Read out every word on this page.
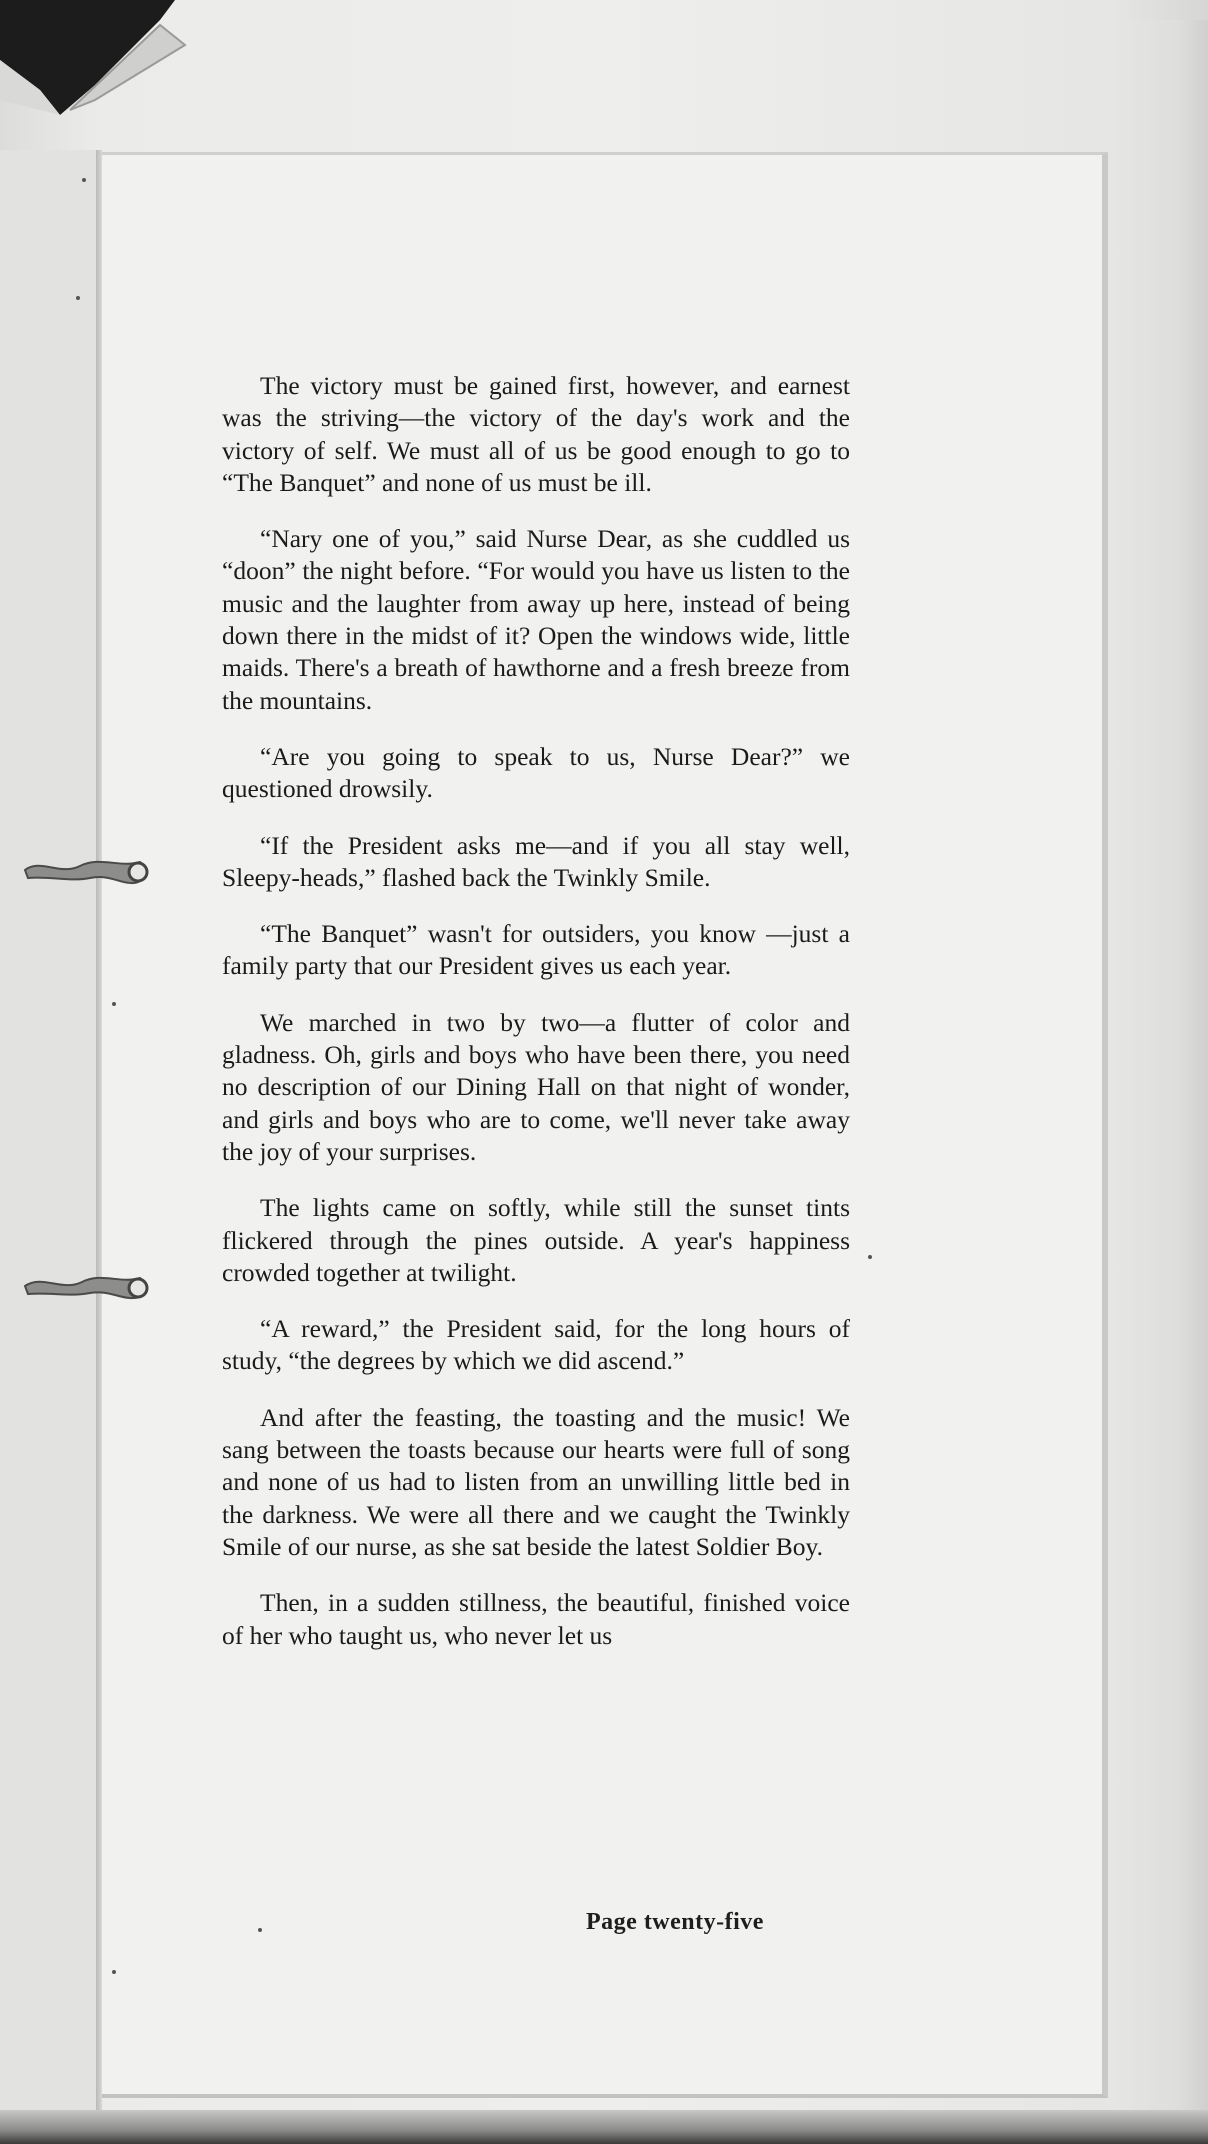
The victory must be gained first, however, and earnest was the striving—the victory of the day's work and the victory of self. We must all of us be good enough to go to “The Banquet” and none of us must be ill.

“Nary one of you,” said Nurse Dear, as she cuddled us “doon” the night before. “For would you have us listen to the music and the laughter from away up here, instead of being down there in the midst of it? Open the windows wide, little maids. There's a breath of hawthorne and a fresh breeze from the mountains.

“Are you going to speak to us, Nurse Dear?” we questioned drowsily.

“If the President asks me—and if you all stay well, Sleepy-heads,” flashed back the Twinkly Smile.

“The Banquet” wasn't for outsiders, you know —just a family party that our President gives us each year.

We marched in two by two—a flutter of color and gladness. Oh, girls and boys who have been there, you need no description of our Dining Hall on that night of wonder, and girls and boys who are to come, we'll never take away the joy of your surprises.

The lights came on softly, while still the sunset tints flickered through the pines outside. A year's happiness crowded together at twilight.

“A reward,” the President said, for the long hours of study, “the degrees by which we did ascend.”

And after the feasting, the toasting and the music! We sang between the toasts because our hearts were full of song and none of us had to listen from an unwilling little bed in the darkness. We were all there and we caught the Twinkly Smile of our nurse, as she sat beside the latest Soldier Boy.

Then, in a sudden stillness, the beautiful, finished voice of her who taught us, who never let us

Page twenty-five
